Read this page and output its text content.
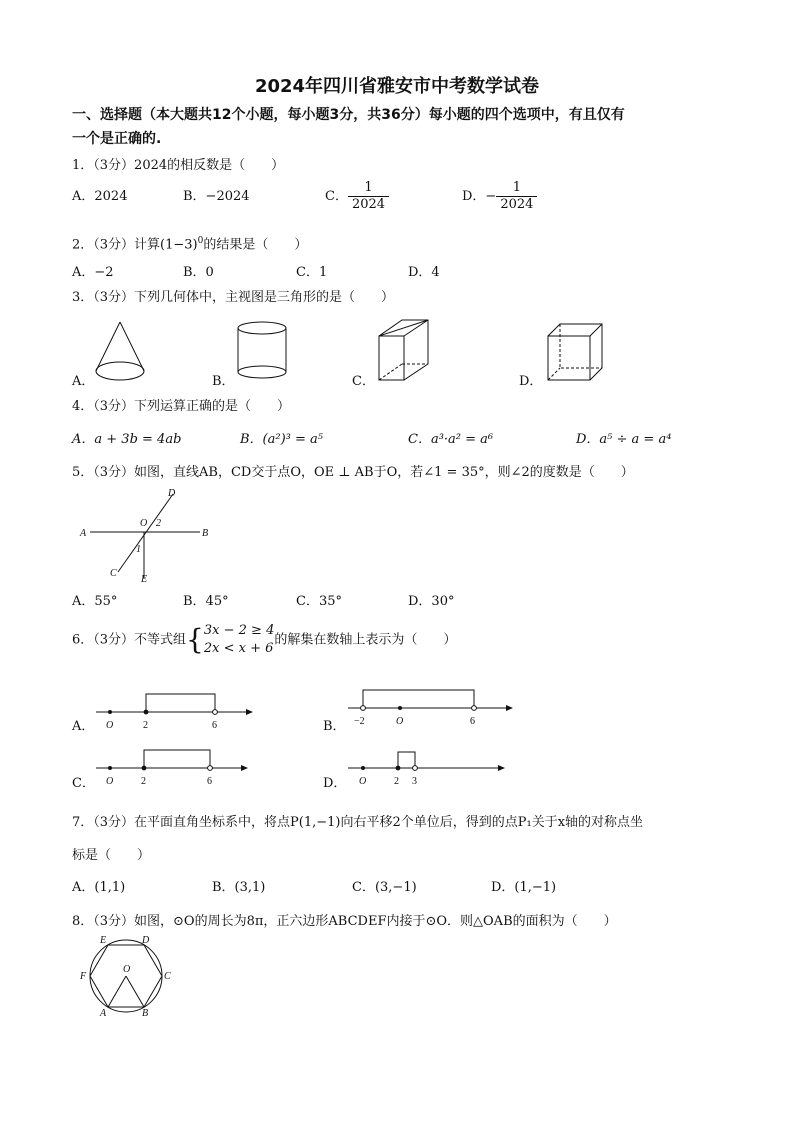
2024年四川省雅安市中考数学试卷
一、选择题（本大题共12个小题，每小题3分，共36分）每小题的四个选项中，有且仅有
一个是正确的.
1．（3分）2024的相反数是（　　）
A．2024	B．−2024	C． $\frac{1}{2024}$	D．− $\frac{1}{2024}$
2．（3分）计算$(1-3)^0$的结果是（　　）
A．−2	B．0	C．1	D．4
3．（3分）下列几何体中，主视图是三角形的是（　　）
A．	B．	C．	D．
4．（3分）下列运算正确的是（　　）
A．a + 3b = 4ab	B．(a²)³ = a⁵	C．a³·a² = a⁶	D．a⁵ ÷ a = a⁴
5．（3分）如图，直线AB，CD交于点O，OE ⊥ AB于O，若∠1 = 35°，则∠2的度数是（　　）
A	B
C
D
O
E
1
2
A．55°	B．45°	C．35°	D．30°
6．（3分）不等式组{ 3x − 2 ≥ 4
2x < x + 6
的解集在数轴上表示为（　　）
A． O	2	6	B． −2	O	6
C． O	2	6	D． O	2 3
7．（3分）在平面直角坐标系中，将点P(1,−1)向右平移2个单位后，得到的点P₁关于x轴的对称点坐
标是（　　）
A．(1,1)	B．(3,1)	C．(3,−1)	D．(1,−1)
8．（3分）如图，⊙O的周长为8π，正六边形ABCDEF内接于⊙O．则△OAB的面积为（　　）
E	D
F	C
O
A	B
